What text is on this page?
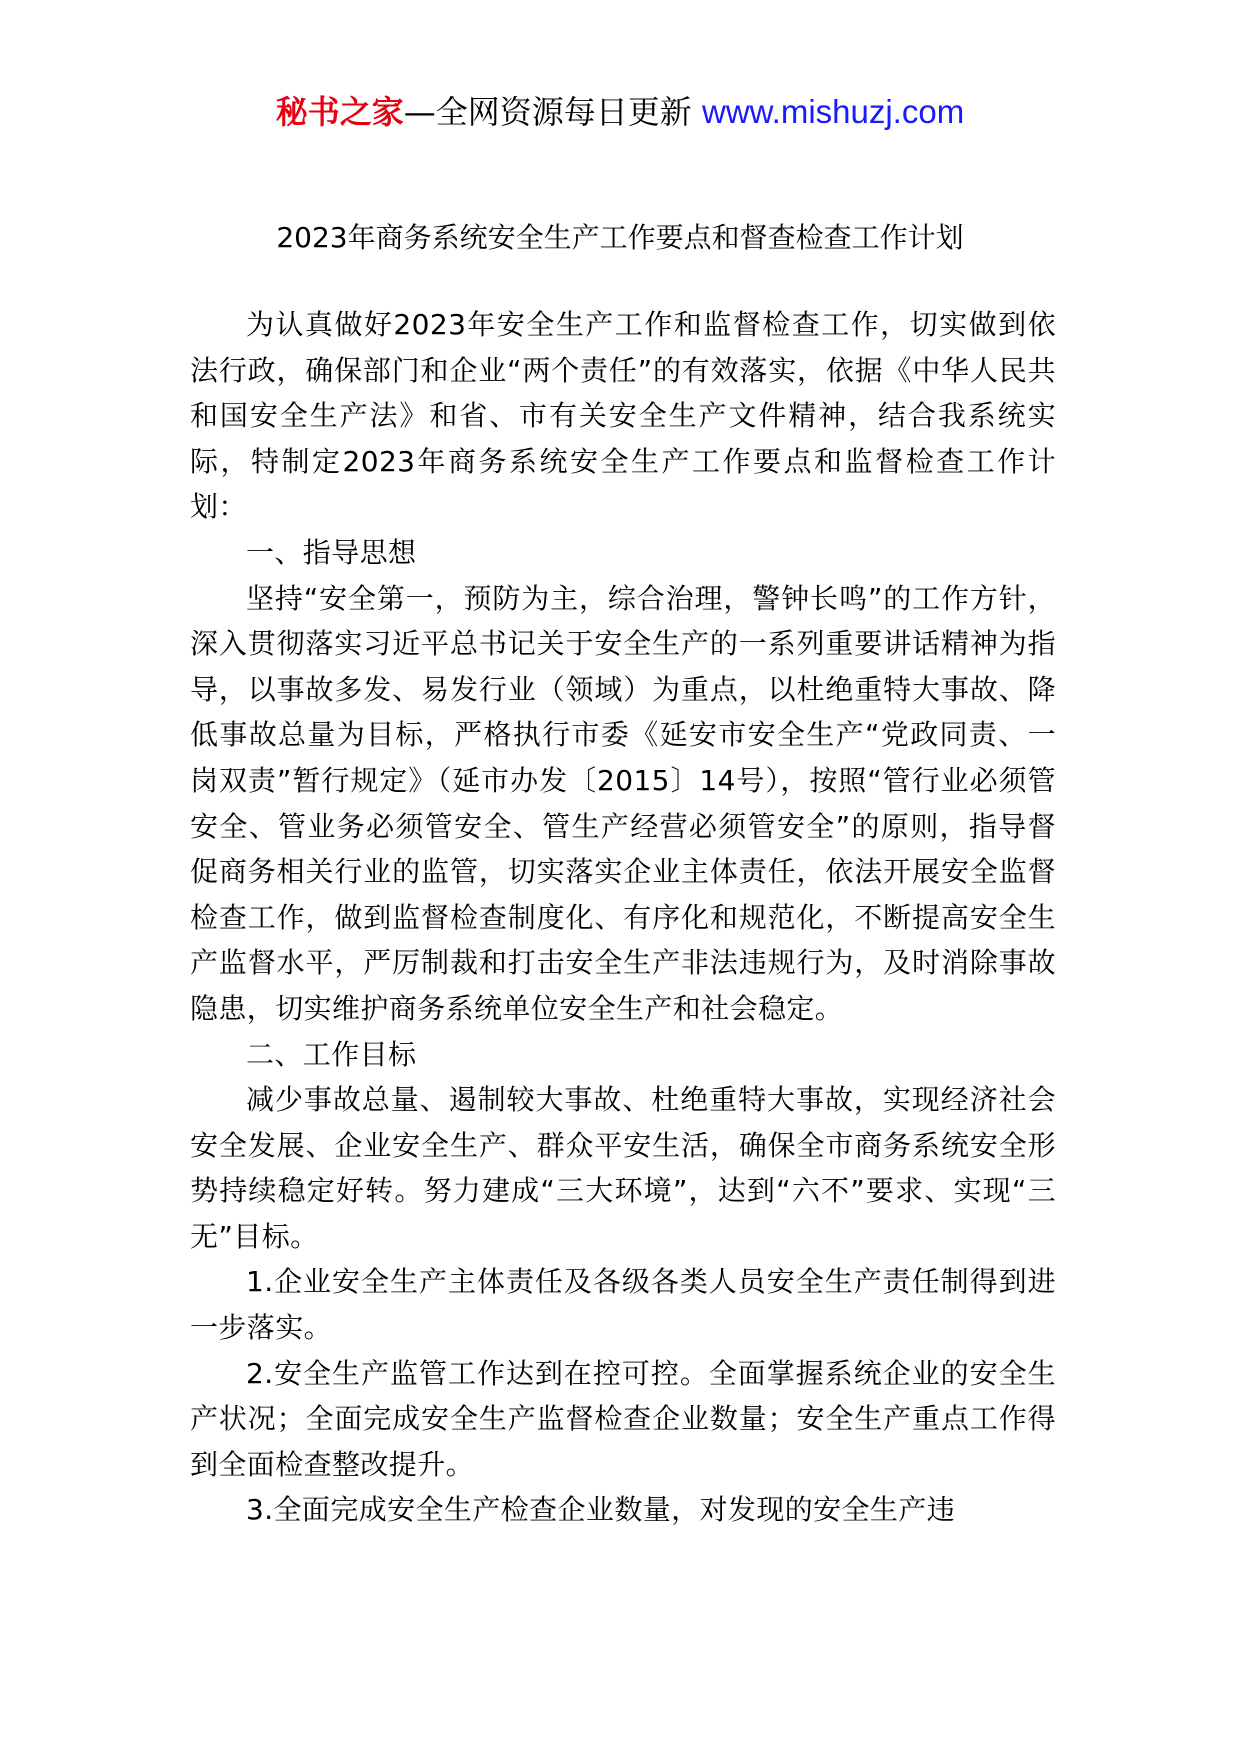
秘书之家—全网资源每日更新 www.mishuzj.com
2023年商务系统安全生产工作要点和督查检查工作计划

为认真做好2023年安全生产工作和监督检查工作，切实做到依法行政，确保部门和企业“两个责任”的有效落实，依据《中华人民共和国安全生产法》和省、市有关安全生产文件精神，结合我系统实际，特制定2023年商务系统安全生产工作要点和监督检查工作计划：

一、指导思想

坚持“安全第一，预防为主，综合治理，警钟长鸣”的工作方针，深入贯彻落实习近平总书记关于安全生产的一系列重要讲话精神为指导，以事故多发、易发行业（领域）为重点，以杜绝重特大事故、降低事故总量为目标，严格执行市委《延安市安全生产“党政同责、一岗双责”暂行规定》（延市办发〔2015〕14号），按照“管行业必须管安全、管业务必须管安全、管生产经营必须管安全”的原则，指导督促商务相关行业的监管，切实落实企业主体责任，依法开展安全监督检查工作，做到监督检查制度化、有序化和规范化，不断提高安全生产监督水平，严厉制裁和打击安全生产非法违规行为，及时消除事故隐患，切实维护商务系统单位安全生产和社会稳定。

二、工作目标

减少事故总量、遏制较大事故、杜绝重特大事故，实现经济社会安全发展、企业安全生产、群众平安生活，确保全市商务系统安全形势持续稳定好转。努力建成“三大环境”，达到“六不”要求、实现“三无”目标。

1.企业安全生产主体责任及各级各类人员安全生产责任制得到进一步落实。

2.安全生产监管工作达到在控可控。全面掌握系统企业的安全生产状况；全面完成安全生产监督检查企业数量；安全生产重点工作得到全面检查整改提升。

3.全面完成安全生产检查企业数量，对发现的安全生产违
